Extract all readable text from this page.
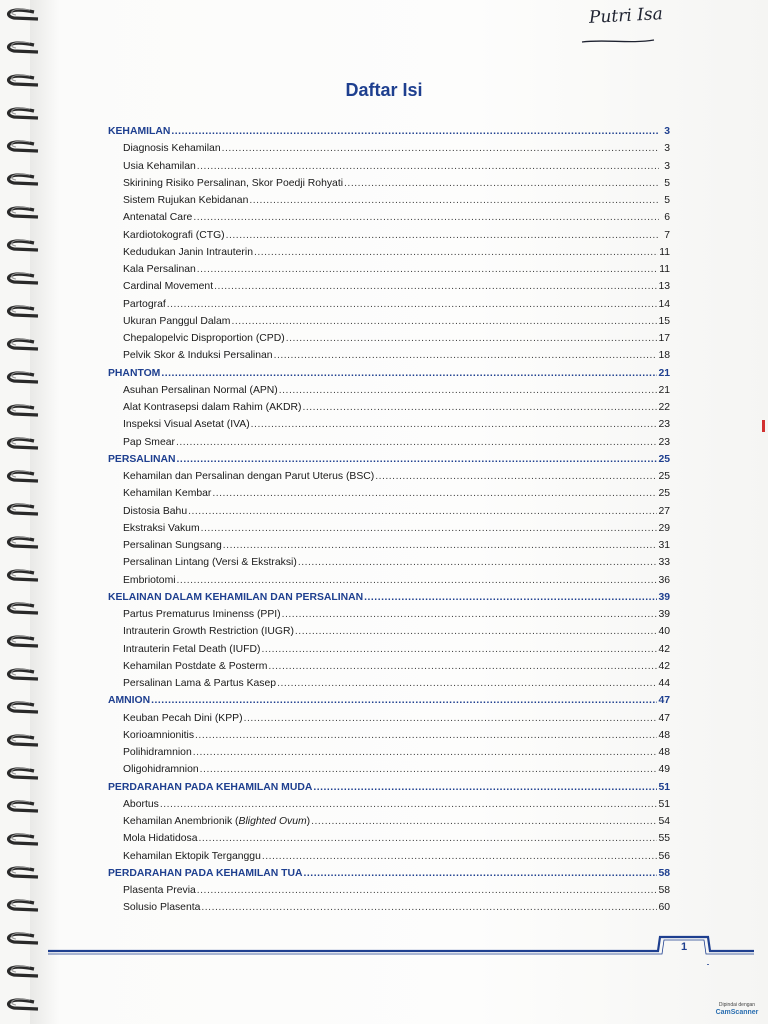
Putri Isa
Daftar Isi
KEHAMILAN .....	3
Diagnosis Kehamilan .....	3
Usia Kehamilan .....	3
Skirining Risiko Persalinan, Skor Poedji Rohyati .....	5
Sistem Rujukan Kebidanan .....	5
Antenatal Care .....	6
Kardiotokografi (CTG) .....	7
Kedudukan Janin Intrauterin .....	11
Kala Persalinan .....	11
Cardinal Movement .....	13
Partograf .....	14
Ukuran Panggul Dalam .....	15
Chepalopelvic Disproportion (CPD) .....	17
Pelvik Skor & Induksi Persalinan .....	18
PHANTOM .....	21
Asuhan Persalinan Normal (APN) .....	21
Alat Kontrasepsi dalam Rahim (AKDR) .....	22
Inspeksi Visual Asetat (IVA) .....	23
Pap Smear .....	23
PERSALINAN .....	25
Kehamilan dan Persalinan dengan Parut Uterus (BSC) .....	25
Kehamilan Kembar .....	25
Distosia Bahu .....	27
Ekstraksi Vakum .....	29
Persalinan Sungsang .....	31
Persalinan Lintang (Versi & Ekstraksi) .....	33
Embriotomi .....	36
KELAINAN DALAM KEHAMILAN DAN PERSALINAN .....	39
Partus Prematurus Iminenss (PPI) .....	39
Intrauterin Growth Restriction (IUGR) .....	40
Intrauterin Fetal Death (IUFD) .....	42
Kehamilan Postdate & Posterm .....	42
Persalinan Lama & Partus Kasep .....	44
AMNION .....	47
Keuban Pecah Dini (KPP) .....	47
Korioamnionitis .....	48
Polihidramnion .....	48
Oligohidramnion .....	49
PERDARAHAN PADA KEHAMILAN MUDA .....	51
Abortus .....	51
Kehamilan Anembrionik (Blighted Ovum) .....	54
Mola Hidatidosa .....	55
Kehamilan Ektopik Terganggu .....	56
PERDARAHAN PADA KEHAMILAN TUA .....	58
Plasenta Previa .....	58
Solusio Plasenta .....	60
1
Dipindai dengan
CamScanner
